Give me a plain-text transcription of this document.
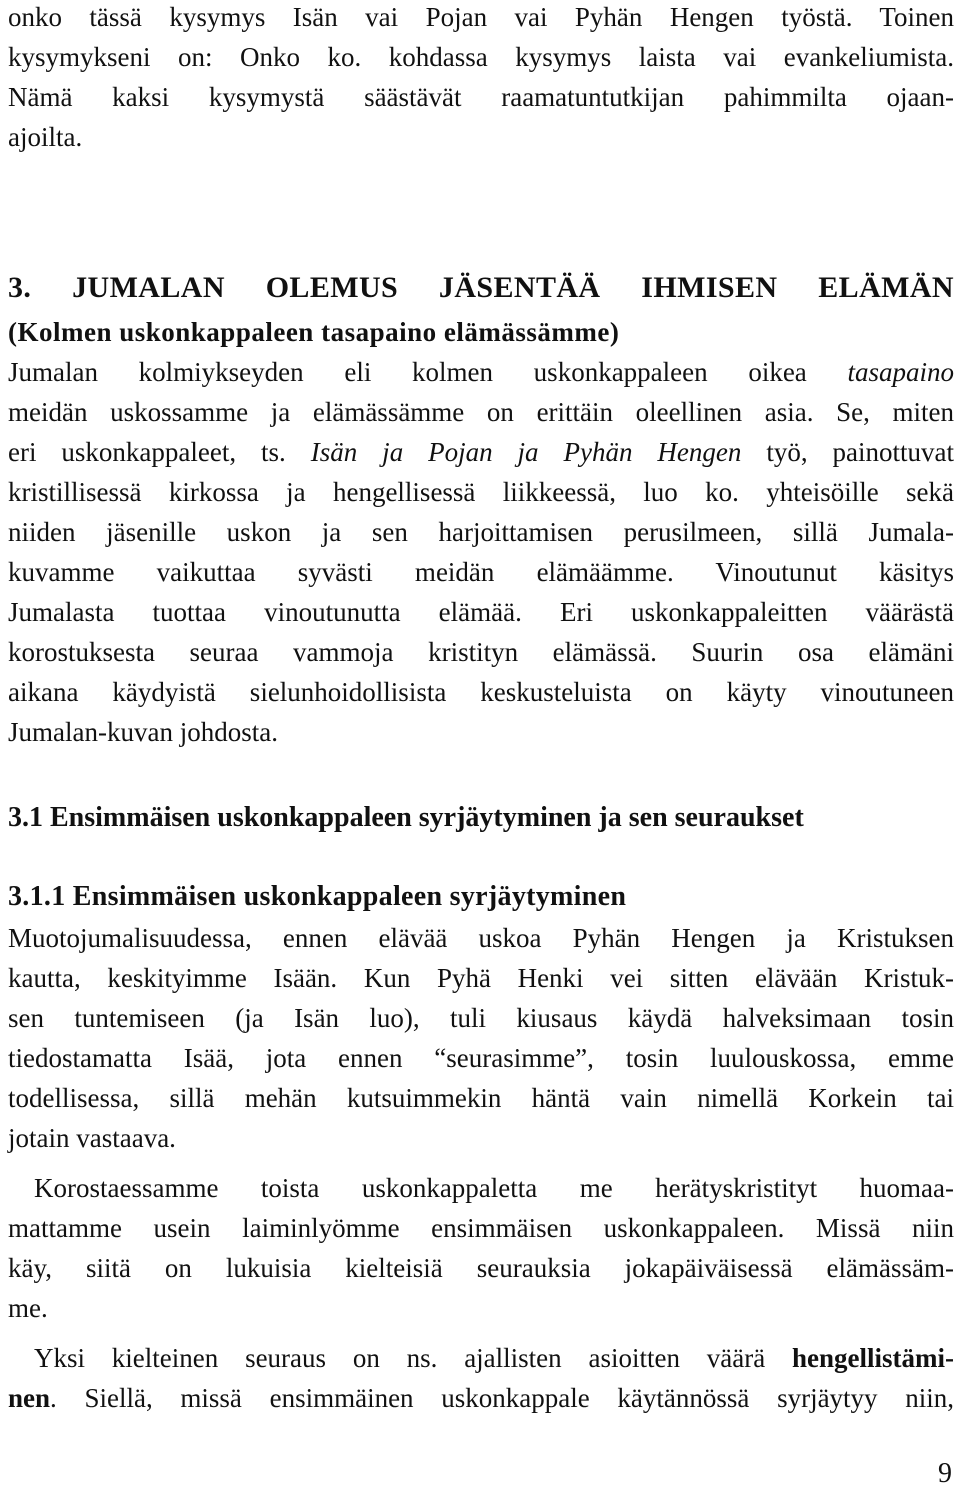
onko tässä kysymys Isän vai Pojan vai Pyhän Hengen työstä. Toinen
kysymykseni on: Onko ko. kohdassa kysymys laista vai evankeliumista.
Nämä kaksi kysymystä säästävät raamatuntutkijan pahimmilta ojaan-
ajoilta.
3. JUMALAN OLEMUS JÄSENTÄÄ IHMISEN ELÄMÄN
(Kolmen uskonkappaleen tasapaino elämässämme)
Jumalan kolmiykseyden eli kolmen uskonkappaleen oikea tasapaino
meidän uskossamme ja elämässämme on erittäin oleellinen asia. Se, miten
eri uskonkappaleet, ts. Isän ja Pojan ja Pyhän Hengen työ, painottuvat
kristillisessä kirkossa ja hengellisessä liikkeessä, luo ko. yhteisöille sekä
niiden jäsenille uskon ja sen harjoittamisen perusilmeen, sillä Jumala-
kuvamme vaikuttaa syvästi meidän elämäämme. Vinoutunut käsitys
Jumalasta tuottaa vinoutunutta elämää. Eri uskonkappaleitten väärästä
korostuksesta seuraa vammoja kristityn elämässä. Suurin osa elämäni
aikana käydyistä sielunhoidollisista keskusteluista on käyty vinoutuneen
Jumalan-kuvan johdosta.
3.1 Ensimmäisen uskonkappaleen syrjäytyminen ja sen seuraukset
3.1.1 Ensimmäisen uskonkappaleen syrjäytyminen
Muotojumalisuudessa, ennen elävää uskoa Pyhän Hengen ja Kristuksen
kautta, keskityimme Isään. Kun Pyhä Henki vei sitten elävään Kristuk-
sen tuntemiseen (ja Isän luo), tuli kiusaus käydä halveksimaan tosin
tiedostamatta Isää, jota ennen “seurasimme”, tosin luulouskossa, emme
todellisessa, sillä mehän kutsuimmekin häntä vain nimellä Korkein tai
jotain vastaava.
Korostaessamme toista uskonkappaletta me herätyskristityt huomaa-
mattamme usein laiminlyömme ensimmäisen uskonkappaleen. Missä niin
käy, siitä on lukuisia kielteisiä seurauksia jokapäiväisessä elämässäm-
me.
Yksi kielteinen seuraus on ns. ajallisten asioitten väärä hengellistämi-
nen. Siellä, missä ensimmäinen uskonkappale käytännössä syrjäytyy niin,
9
